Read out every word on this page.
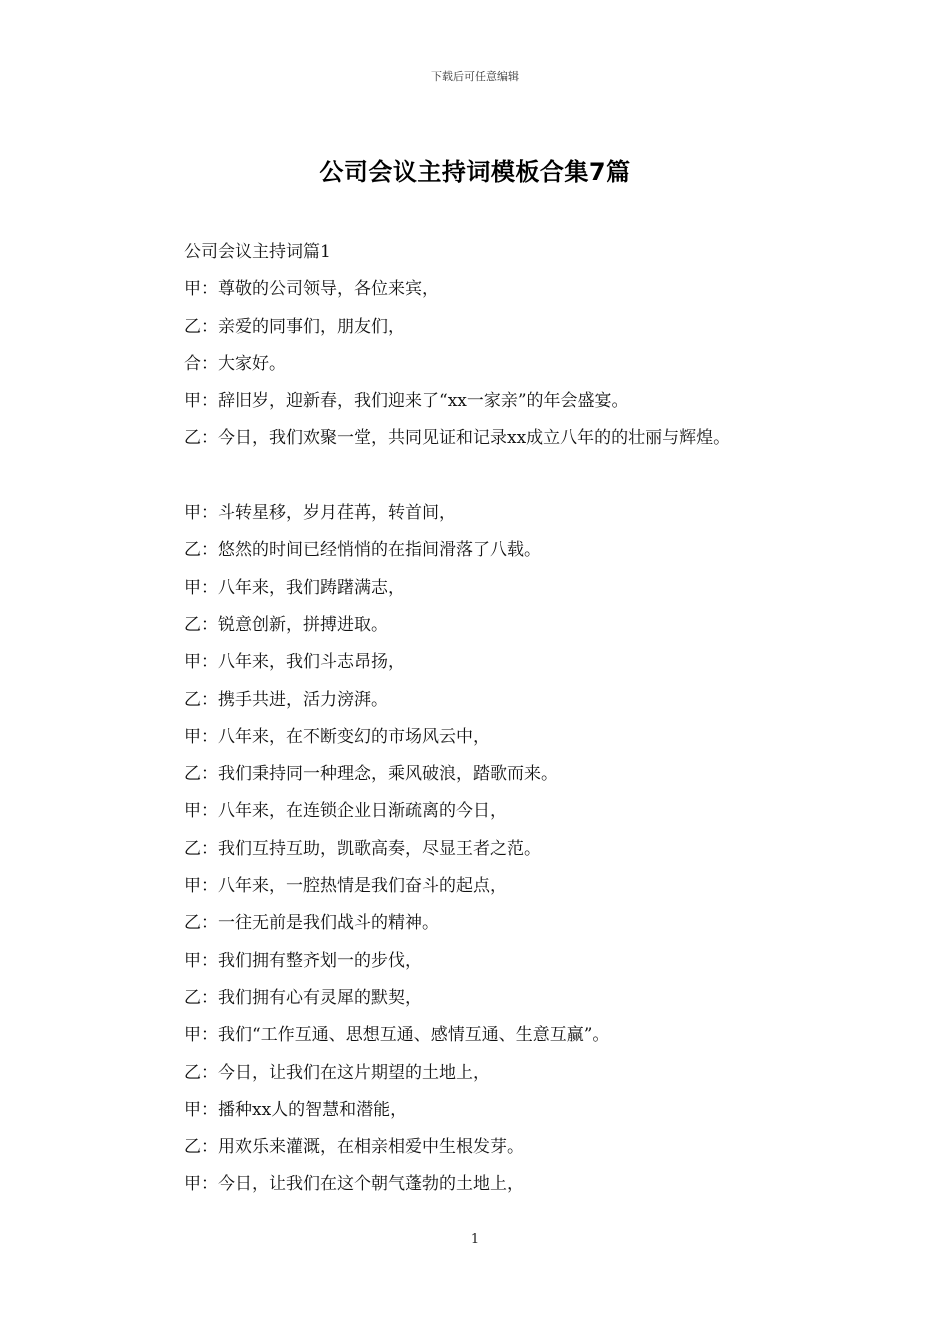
下载后可任意编辑
公司会议主持词模板合集7篇
公司会议主持词篇1
甲：尊敬的公司领导，各位来宾，
乙：亲爱的同事们，朋友们，
合：大家好。
甲：辞旧岁，迎新春，我们迎来了“xx一家亲”的年会盛宴。
乙：今日，我们欢聚一堂，共同见证和记录xx成立八年的的壮丽与辉煌。
甲：斗转星移，岁月荏苒，转首间，
乙：悠然的时间已经悄悄的在指间滑落了八载。
甲：八年来，我们踌躇满志，
乙：锐意创新，拼搏进取。
甲：八年来，我们斗志昂扬，
乙：携手共进，活力滂湃。
甲：八年来，在不断变幻的市场风云中，
乙：我们秉持同一种理念，乘风破浪，踏歌而来。
甲：八年来，在连锁企业日渐疏离的今日，
乙：我们互持互助，凯歌高奏，尽显王者之范。
甲：八年来，一腔热情是我们奋斗的起点，
乙：一往无前是我们战斗的精神。
甲：我们拥有整齐划一的步伐，
乙：我们拥有心有灵犀的默契，
甲：我们“工作互通、思想互通、感情互通、生意互赢”。
乙：今日，让我们在这片期望的土地上，
甲：播种xx人的智慧和潜能，
乙：用欢乐来灌溉，在相亲相爱中生根发芽。
甲：今日，让我们在这个朝气蓬勃的土地上，
1
